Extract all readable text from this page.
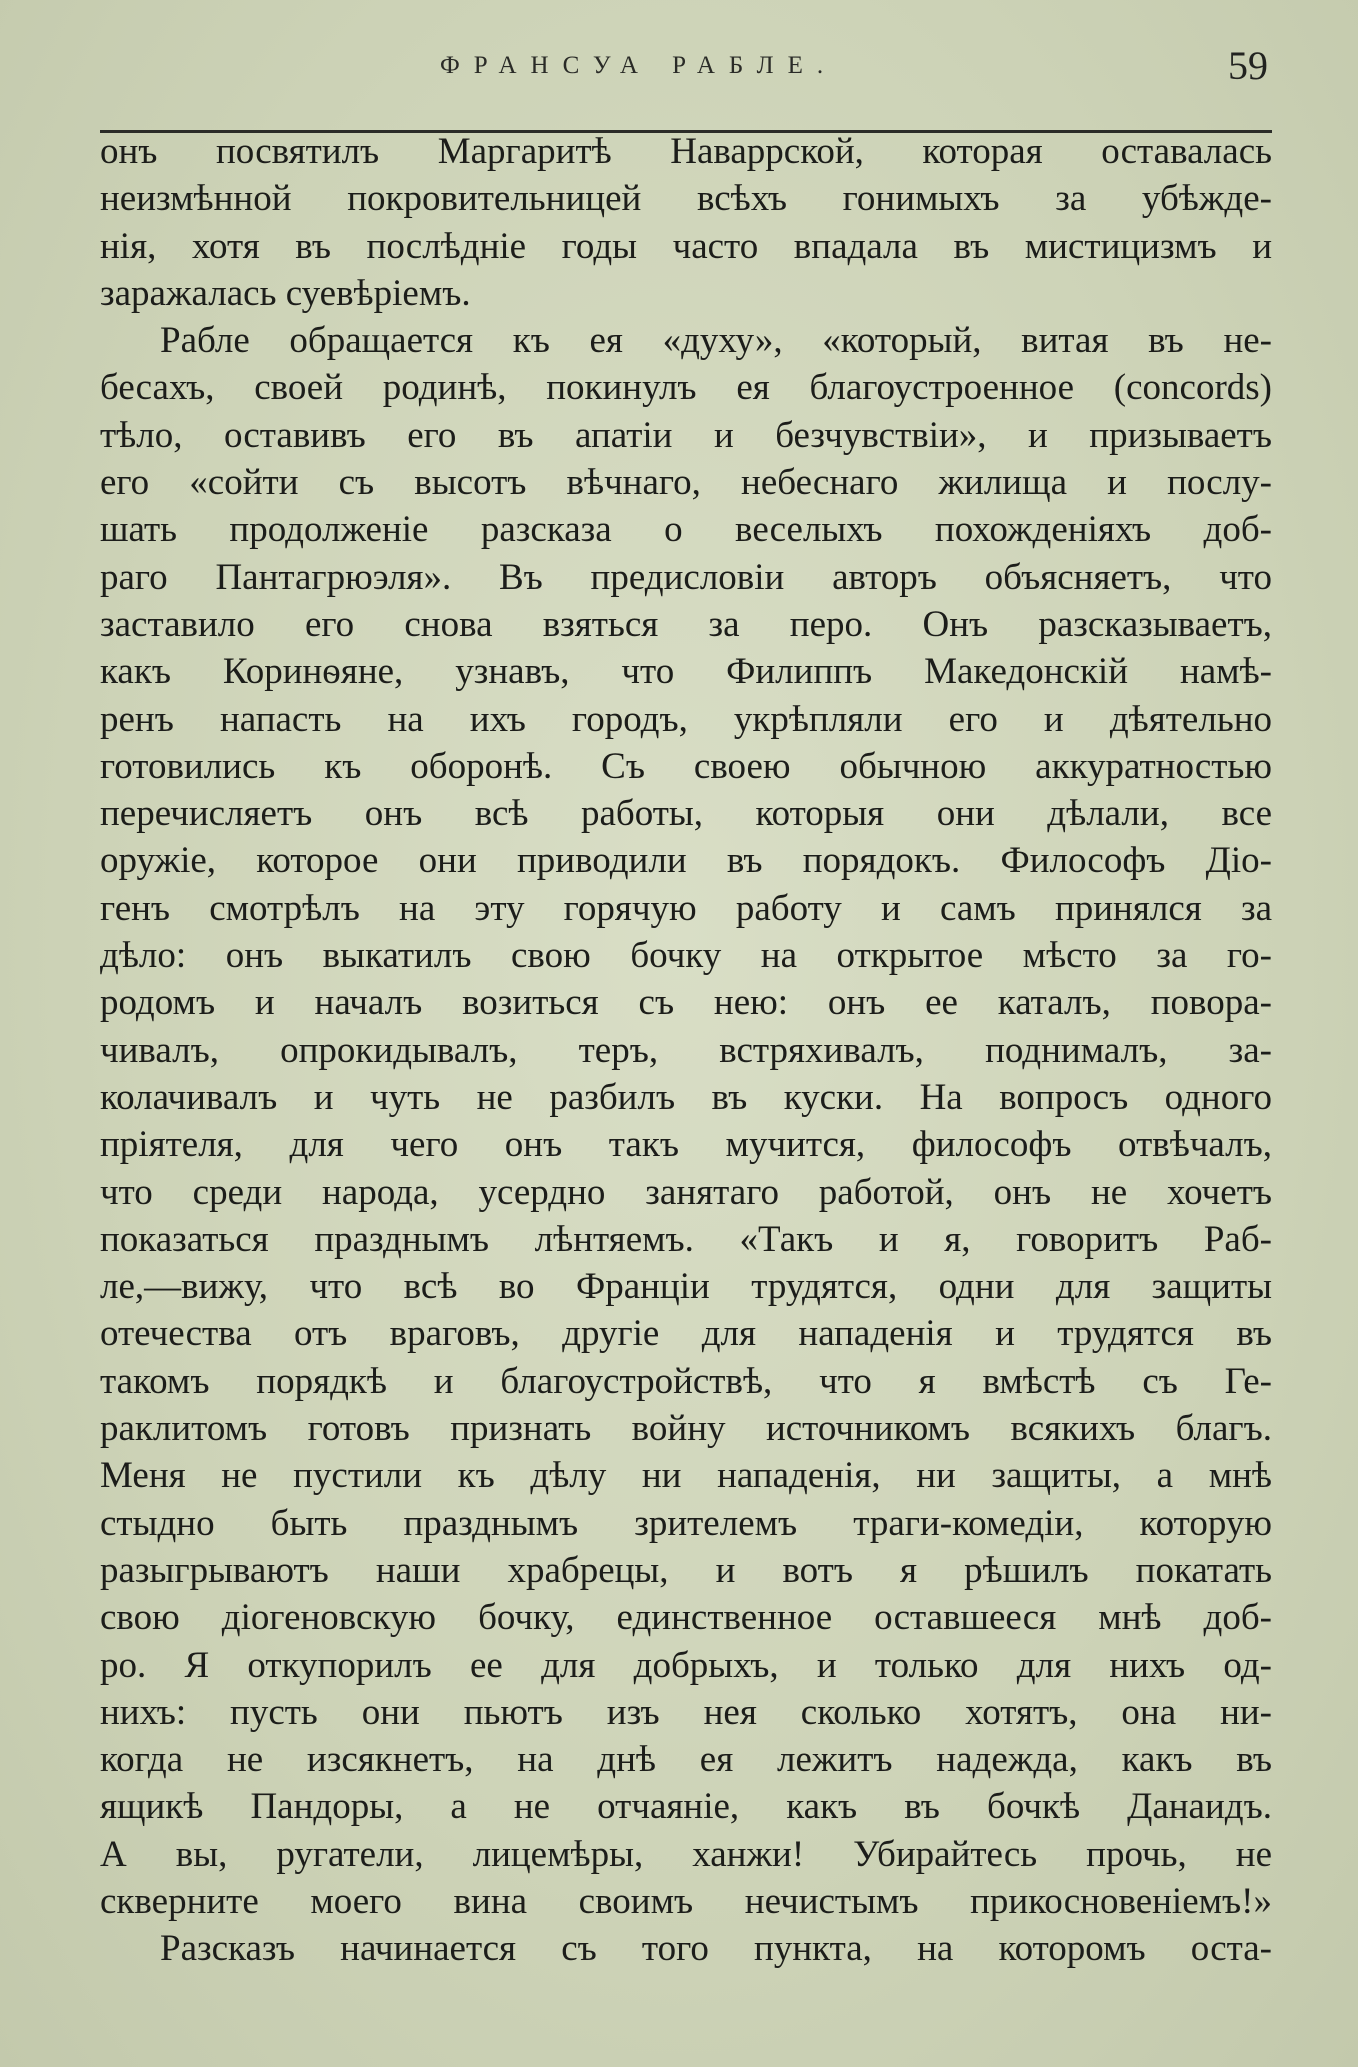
ФРАНСУА РАБЛЕ.	59
онъ посвятилъ Маргаритѣ Наваррской, которая оставалась
неизмѣнной покровительницей всѣхъ гонимыхъ за убѣжде-
нія, хотя въ послѣдніе годы часто впадала въ мистицизмъ и
заражалась суевѣріемъ.
Рабле обращается къ ея «духу», «который, витая въ не-
бесахъ, своей родинѣ, покинулъ ея благоустроенное (concords)
тѣло, оставивъ его въ апатіи и безчувствіи», и призываетъ
его «сойти съ высотъ вѣчнаго, небеснаго жилища и послу-
шать продолженіе разсказа о веселыхъ похожденіяхъ доб-
раго Пантагрюэля». Въ предисловіи авторъ объясняетъ, что
заставило его снова взяться за перо. Онъ разсказываетъ,
какъ Коринѳяне, узнавъ, что Филиппъ Македонскій намѣ-
ренъ напасть на ихъ городъ, укрѣпляли его и дѣятельно
готовились къ оборонѣ. Съ своею обычною аккуратностью
перечисляетъ онъ всѣ работы, которыя они дѣлали, все
оружіе, которое они приводили въ порядокъ. Философъ Діо-
генъ смотрѣлъ на эту горячую работу и самъ принялся за
дѣло: онъ выкатилъ свою бочку на открытое мѣсто за го-
родомъ и началъ возиться съ нею: онъ ее каталъ, повора-
чивалъ, опрокидывалъ, теръ, встряхивалъ, поднималъ, за-
колачивалъ и чуть не разбилъ въ куски. На вопросъ одного
пріятеля, для чего онъ такъ мучится, философъ отвѣчалъ,
что среди народа, усердно занятаго работой, онъ не хочетъ
показаться празднымъ лѣнтяемъ. «Такъ и я, говоритъ Раб-
ле,—вижу, что всѣ во Франціи трудятся, одни для защиты
отечества отъ враговъ, другіе для нападенія и трудятся въ
такомъ порядкѣ и благоустройствѣ, что я вмѣстѣ съ Ге-
раклитомъ готовъ признать войну источникомъ всякихъ благъ.
Меня не пустили къ дѣлу ни нападенія, ни защиты, а мнѣ
стыдно быть празднымъ зрителемъ траги-комедіи, которую
разыгрываютъ наши храбрецы, и вотъ я рѣшилъ покатать
свою діогеновскую бочку, единственное оставшееся мнѣ доб-
ро. Я откупорилъ ее для добрыхъ, и только для нихъ од-
нихъ: пусть они пьютъ изъ нея сколько хотятъ, она ни-
когда не изсякнетъ, на днѣ ея лежитъ надежда, какъ въ
ящикѣ Пандоры, а не отчаяніе, какъ въ бочкѣ Данаидъ.
А вы, ругатели, лицемѣры, ханжи! Убирайтесь прочь, не
скверните моего вина своимъ нечистымъ прикосновеніемъ!»
Разсказъ начинается съ того пункта, на которомъ оста-
